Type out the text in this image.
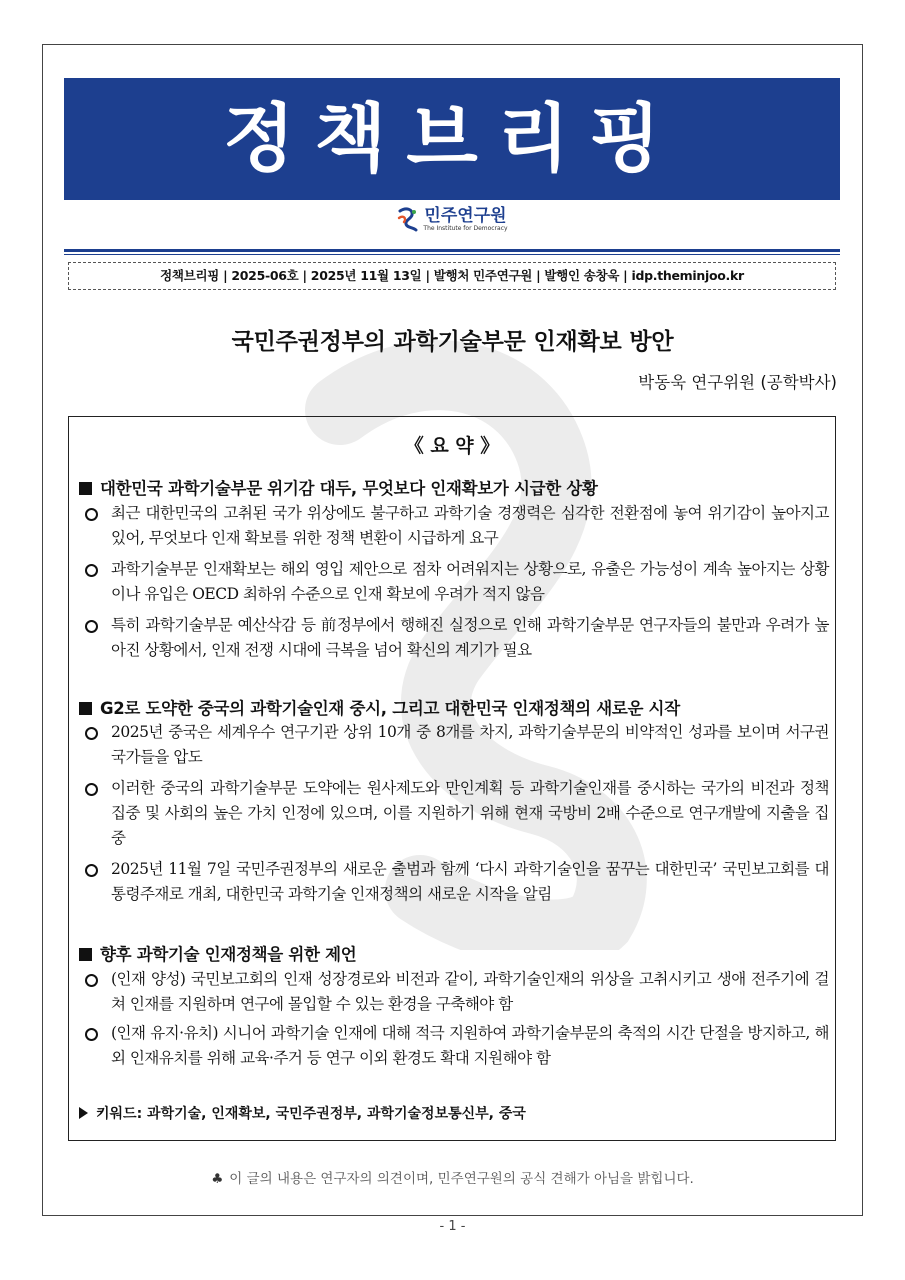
정책브리핑
민주연구원
The Institute for Democracy
정책브리핑 | 2025-06호 | 2025년 11월 13일 | 발행처 민주연구원 | 발행인 송창욱 | idp.theminjoo.kr
국민주권정부의 과학기술부문 인재확보 방안
박동욱 연구위원 (공학박사)
《 요 약 》
대한민국 과학기술부문 위기감 대두, 무엇보다 인재확보가 시급한 상황
최근 대한민국의 고취된 국가 위상에도 불구하고 과학기술 경쟁력은 심각한 전환점에 놓여 위기감이 높아지고 있어, 무엇보다 인재 확보를 위한 정책 변환이 시급하게 요구
과학기술부문 인재확보는 해외 영입 제안으로 점차 어려워지는 상황으로, 유출은 가능성이 계속 높아지는 상황이나 유입은 OECD 최하위 수준으로 인재 확보에 우려가 적지 않음
특히 과학기술부문 예산삭감 등 前정부에서 행해진 실정으로 인해 과학기술부문 연구자들의 불만과 우려가 높아진 상황에서, 인재 전쟁 시대에 극복을 넘어 확신의 계기가 필요
G2로 도약한 중국의 과학기술인재 중시, 그리고 대한민국 인재정책의 새로운 시작
2025년 중국은 세계우수 연구기관 상위 10개 중 8개를 차지, 과학기술부문의 비약적인 성과를 보이며 서구권 국가들을 압도
이러한 중국의 과학기술부문 도약에는 원사제도와 만인계획 등 과학기술인재를 중시하는 국가의 비전과 정책 집중 및 사회의 높은 가치 인정에 있으며, 이를 지원하기 위해 현재 국방비 2배 수준으로 연구개발에 지출을 집중
2025년 11월 7일 국민주권정부의 새로운 출범과 함께 ‘다시 과학기술인을 꿈꾸는 대한민국’ 국민보고회를 대통령주재로 개최, 대한민국 과학기술 인재정책의 새로운 시작을 알림
향후 과학기술 인재정책을 위한 제언
(인재 양성) 국민보고회의 인재 성장경로와 비전과 같이, 과학기술인재의 위상을 고취시키고 생애 전주기에 걸쳐 인재를 지원하며 연구에 몰입할 수 있는 환경을 구축해야 함
(인재 유지·유치) 시니어 과학기술 인재에 대해 적극 지원하여 과학기술부문의 축적의 시간 단절을 방지하고, 해외 인재유치를 위해 교육·주거 등 연구 이외 환경도 확대 지원해야 함
키워드: 과학기술, 인재확보, 국민주권정부, 과학기술정보통신부, 중국
♣ 이 글의 내용은 연구자의 의견이며, 민주연구원의 공식 견해가 아님을 밝힙니다.
- 1 -
